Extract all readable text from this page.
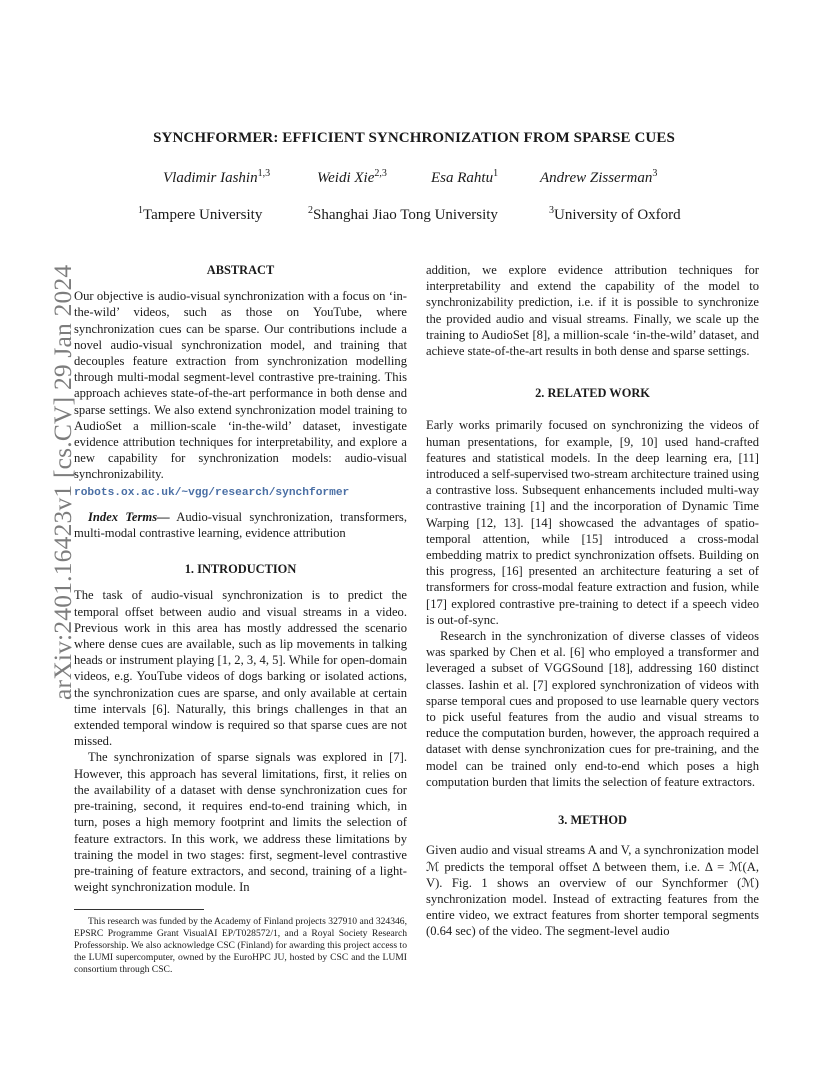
arXiv:2401.16423v1 [cs.CV] 29 Jan 2024
SYNCHFORMER: EFFICIENT SYNCHRONIZATION FROM SPARSE CUES
Vladimir Iashin$^{1,3}$	Weidi Xie$^{2,3}$	Esa Rahtu$^1$	Andrew Zisserman$^3$
$^1$Tampere University	$^2$Shanghai Jiao Tong University	$^3$University of Oxford
ABSTRACT

Our objective is audio-visual synchronization with a focus on ‘in-the-wild’ videos, such as those on YouTube, where synchronization cues can be sparse. Our contributions include a novel audio-visual synchronization model, and training that decouples feature extraction from synchronization modelling through multi-modal segment-level contrastive pre-training. This approach achieves state-of-the-art performance in both dense and sparse settings. We also extend synchronization model training to AudioSet a million-scale ‘in-the-wild’ dataset, investigate evidence attribution techniques for interpretability, and explore a new capability for synchronization models: audio-visual synchronizability. robots.ox.ac.uk/~vgg/research/synchformer

Index Terms— Audio-visual synchronization, transformers, multi-modal contrastive learning, evidence attribution

1. INTRODUCTION

The task of audio-visual synchronization is to predict the temporal offset between audio and visual streams in a video. Previous work in this area has mostly addressed the scenario where dense cues are available, such as lip movements in talking heads or instrument playing [1, 2, 3, 4, 5]. While for open-domain videos, e.g. YouTube videos of dogs barking or isolated actions, the synchronization cues are sparse, and only available at certain time intervals [6]. Naturally, this brings challenges in that an extended temporal window is required so that sparse cues are not missed.

The synchronization of sparse signals was explored in [7]. However, this approach has several limitations, first, it relies on the availability of a dataset with dense synchronization cues for pre-training, second, it requires end-to-end training which, in turn, poses a high memory footprint and limits the selection of feature extractors. In this work, we address these limitations by training the model in two stages: first, segment-level contrastive pre-training of feature extractors, and second, training of a light-weight synchronization module. In

addition, we explore evidence attribution techniques for interpretability and extend the capability of the model to synchronizability prediction, i.e. if it is possible to synchronize the provided audio and visual streams. Finally, we scale up the training to AudioSet [8], a million-scale ‘in-the-wild’ dataset, and achieve state-of-the-art results in both dense and sparse settings.

2. RELATED WORK

Early works primarily focused on synchronizing the videos of human presentations, for example, [9, 10] used hand-crafted features and statistical models. In the deep learning era, [11] introduced a self-supervised two-stream architecture trained using a contrastive loss. Subsequent enhancements included multi-way contrastive training [1] and the incorporation of Dynamic Time Warping [12, 13]. [14] showcased the advantages of spatio-temporal attention, while [15] introduced a cross-modal embedding matrix to predict synchronization offsets. Building on this progress, [16] presented an architecture featuring a set of transformers for cross-modal feature extraction and fusion, while [17] explored contrastive pre-training to detect if a speech video is out-of-sync.

Research in the synchronization of diverse classes of videos was sparked by Chen et al. [6] who employed a transformer and leveraged a subset of VGGSound [18], addressing 160 distinct classes. Iashin et al. [7] explored synchronization of videos with sparse temporal cues and proposed to use learnable query vectors to pick useful features from the audio and visual streams to reduce the computation burden, however, the approach required a dataset with dense synchronization cues for pre-training, and the model can be trained only end-to-end which poses a high computation burden that limits the selection of feature extractors.

3. METHOD

Given audio and visual streams A and V, a synchronization model ℳ predicts the temporal offset Δ between them, i.e. Δ = ℳ(A, V). Fig. 1 shows an overview of our Synchformer (ℳ) synchronization model. Instead of extracting features from the entire video, we extract features from shorter temporal segments (0.64 sec) of the video. The segment-level audio

This research was funded by the Academy of Finland projects 327910 and 324346, EPSRC Programme Grant VisualAI EP/T028572/1, and a Royal Society Research Professorship. We also acknowledge CSC (Finland) for awarding this project access to the LUMI supercomputer, owned by the EuroHPC JU, hosted by CSC and the LUMI consortium through CSC.
